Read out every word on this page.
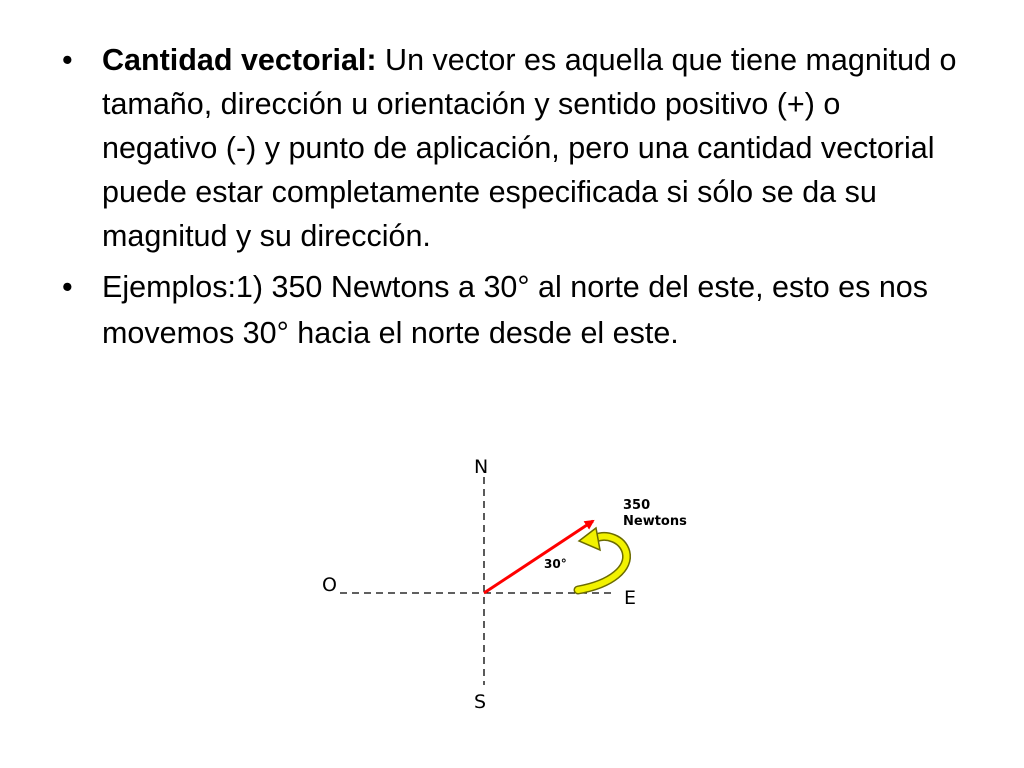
• Cantidad vectorial: Un vector es aquella que tiene magnitud o tamaño, dirección u orientación y sentido positivo (+) o negativo (-) y punto de aplicación, pero una cantidad vectorial puede estar completamente especificada si sólo se da su magnitud y su dirección.
• Ejemplos:1) 350 Newtons a 30° al norte del este, esto es nos movemos 30° hacia el norte desde el este.
N
S
E
O
30°
350
Newtons
